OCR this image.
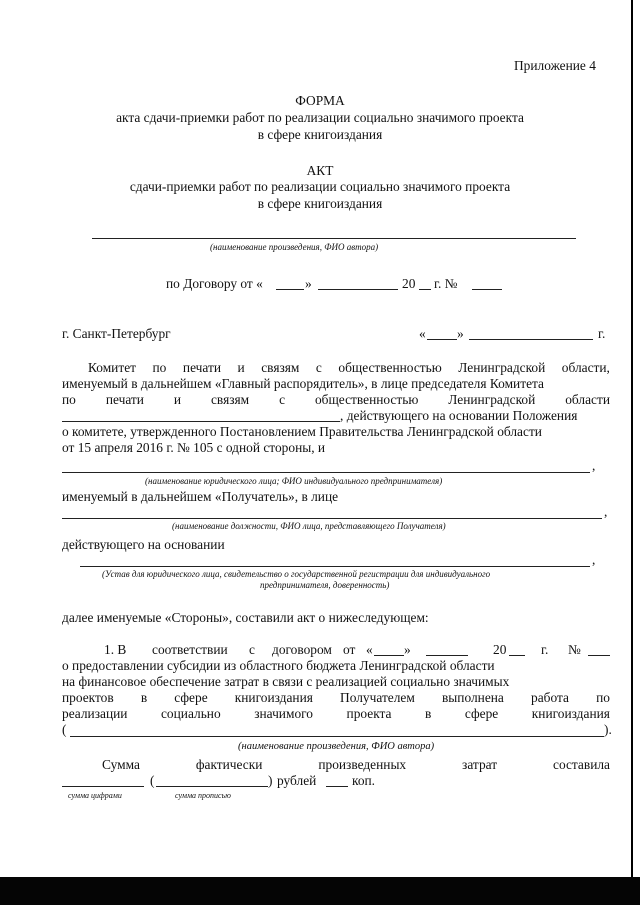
Приложение 4
ФОРМА
акта сдачи-приемки работ по реализации социально значимого проекта
в сфере книгоиздания
АКТ
сдачи-приемки работ по реализации социально значимого проекта
в сфере книгоиздания
(наименование произведения, ФИО автора)
по Договору от «	»	20 г. №
г. Санкт-Петербург	« »	г.
Комитет по печати и связям с общественностью Ленинградской области,
именуемый в дальнейшем «Главный распорядитель», в лице председателя Комитета
по печати и связям с общественностью Ленинградской области
, действующего на основании Положения
о комитете, утвержденного Постановлением Правительства Ленинградской области
от 15 апреля 2016 г. № 105 с одной стороны, и
,
(наименование юридического лица; ФИО индивидуального предпринимателя)
именуемый в дальнейшем «Получатель», в лице
,
(наименование должности, ФИО лица, представляющего Получателя)
действующего на основании
,
(Устав для юридического лица, свидетельство о государственной регистрации для индивидуального
предпринимателя, доверенность)
далее именуемые «Стороны», составили акт о нижеследующем:
1. В соответствии с договором от « »	20	г. №
о предоставлении субсидии из областного бюджета Ленинградской области
на финансовое обеспечение затрат в связи с реализацией социально значимых
проектов в сфере книгоиздания Получателем выполнена работа по
реализации	социально	значимого	проекта	в	сфере	книгоиздания
(	).
(наименование произведения, ФИО автора)
Сумма	фактически	произведенных	затрат	составила
(	) рублей	коп.
сумма цифрами	сумма прописью
